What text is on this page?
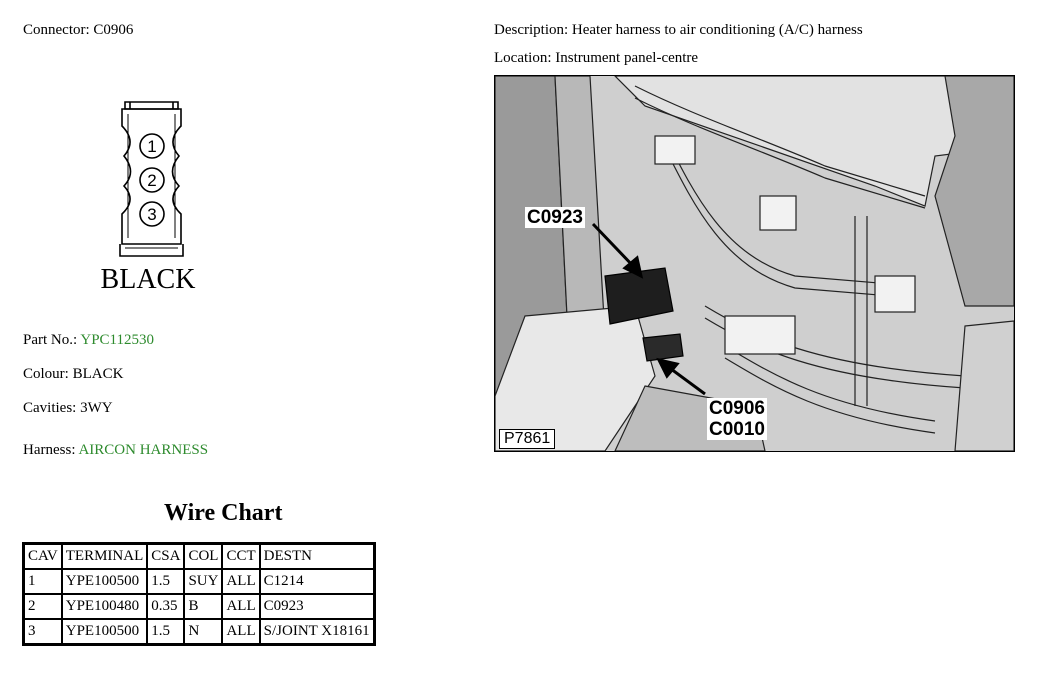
Connector: C0906
1
2
3
BLACK
Part No.: YPC112530
Colour: BLACK
Cavities: 3WY
Harness: AIRCON HARNESS
Description: Heater harness to air conditioning (A/C) harness
Location: Instrument panel-centre
C0923
C0906
C0010
P7861
Wire Chart
CAV	TERMINAL	CSA	COL	CCT	DESTN
1	YPE100500	1.5	SUY	ALL	C1214
2	YPE100480	0.35	B	ALL	C0923
3	YPE100500	1.5	N	ALL	S/JOINT X18161
